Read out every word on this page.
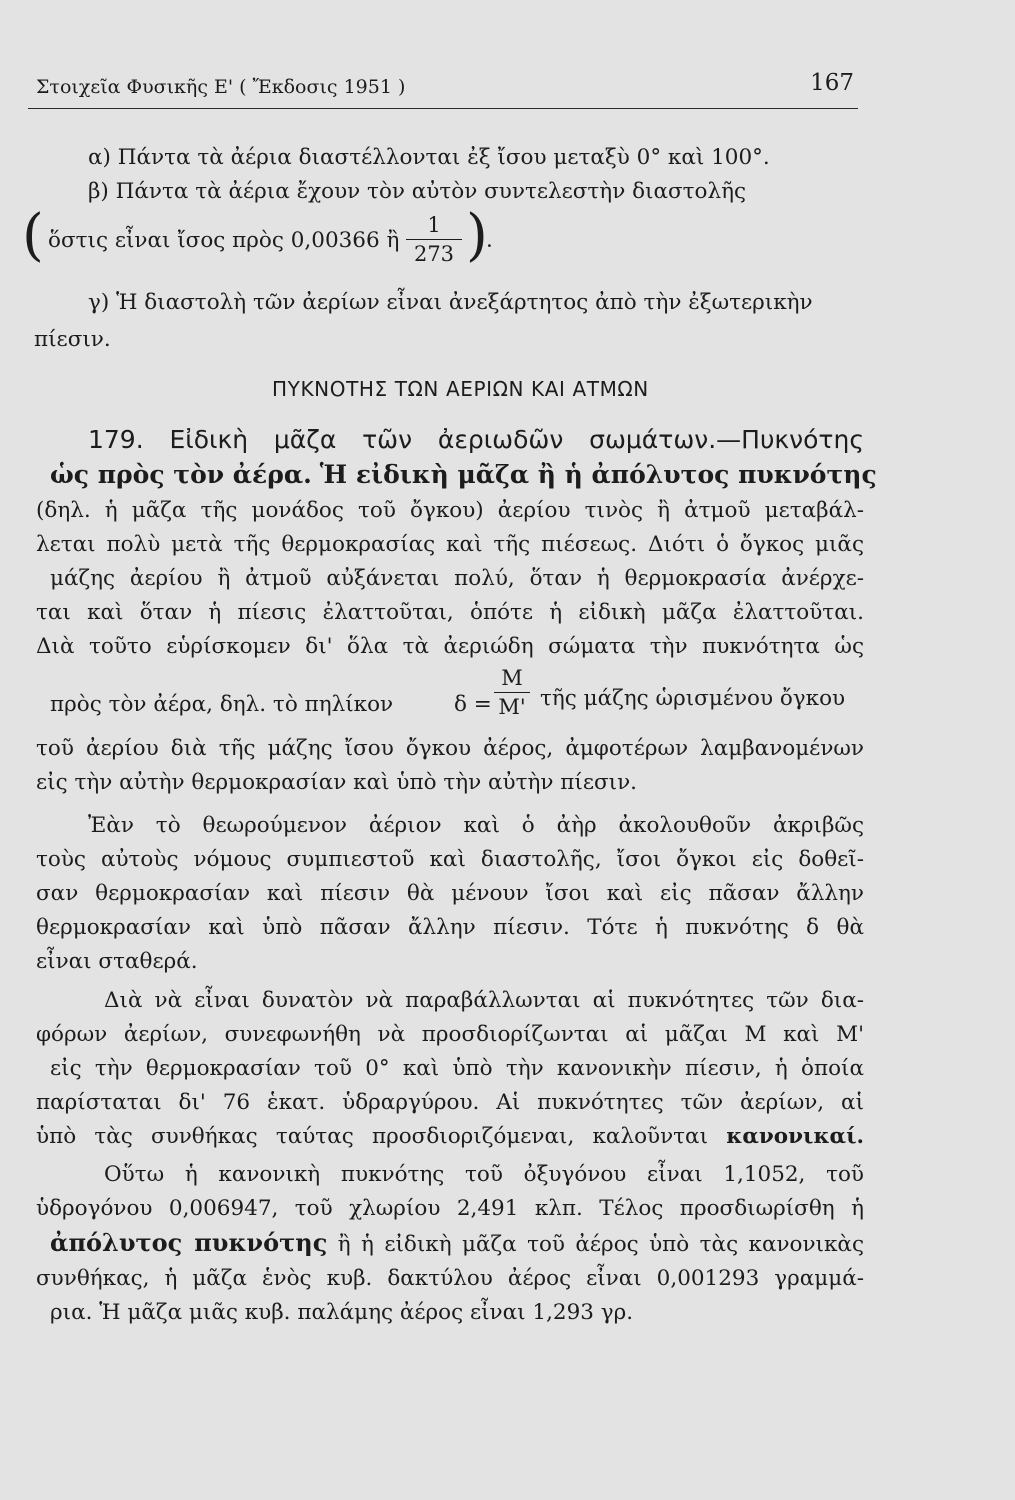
Στοιχεῖα Φυσικῆς Ε' ( Ἔκδοσις 1951 )	167
α) Πάντα τὰ ἀέρια διαστέλλονται ἐξ ἴσου μεταξὺ 0° καὶ 100°.
β) Πάντα τὰ ἀέρια ἔχουν τὸν αὐτὸν συντελεστὴν διαστολῆς
( ὅστις εἶναι ἴσος πρὸς 0,00366 ἢ
1
273 )
·
γ) Ἡ διαστολὴ τῶν ἀερίων εἶναι ἀνεξάρτητος ἀπὸ τὴν ἐξωτερικὴν
πίεσιν.
ΠΥΚΝΟΤΗΣ ΤΩΝ ΑΕΡΙΩΝ ΚΑΙ ΑΤΜΩΝ
179. Εἰδικὴ μᾶζα τῶν ἀεριωδῶν σωμάτων.—Πυκνότης
ὡς πρὸς τὸν ἀέρα. Ἡ εἰδικὴ μᾶζα ἢ ἡ ἀπόλυτος πυκνότης
(δηλ. ἡ μᾶζα τῆς μονάδος τοῦ ὄγκου) ἀερίου τινὸς ἢ ἀτμοῦ μεταβάλ-
λεται πολὺ μετὰ τῆς θερμοκρασίας καὶ τῆς πιέσεως. Διότι ὁ ὄγκος μιᾶς
μάζης ἀερίου ἢ ἀτμοῦ αὐξάνεται πολύ, ὅταν ἡ θερμοκρασία ἀνέρχε-
ται καὶ ὅταν ἡ πίεσις ἐλαττοῦται, ὁπότε ἡ εἰδικὴ μᾶζα ἐλαττοῦται.
Διὰ τοῦτο εὑρίσκομεν δι' ὅλα τὰ ἀεριώδη σώματα τὴν πυκνότητα ὡς
πρὸς τὸν ἀέρα, δηλ. τὸ πηλίκον	δ =
M
M' τῆς μάζης ὡρισμένου ὄγκου
τοῦ ἀερίου διὰ τῆς μάζης ἴσου ὄγκου ἀέρος, ἀμφοτέρων λαμβανομένων
εἰς τὴν αὐτὴν θερμοκρασίαν καὶ ὑπὸ τὴν αὐτὴν πίεσιν.
Ἐὰν τὸ θεωρούμενον ἀέριον καὶ ὁ ἀὴρ ἀκολουθοῦν ἀκριβῶς
τοὺς αὐτοὺς νόμους συμπιεστοῦ καὶ διαστολῆς, ἴσοι ὄγκοι εἰς δοθεῖ-
σαν θερμοκρασίαν καὶ πίεσιν θὰ μένουν ἴσοι καὶ εἰς πᾶσαν ἄλλην
θερμοκρασίαν καὶ ὑπὸ πᾶσαν ἄλλην πίεσιν. Τότε ἡ πυκνότης δ θὰ
εἶναι σταθερά.
Διὰ νὰ εἶναι δυνατὸν νὰ παραβάλλωνται αἱ πυκνότητες τῶν δια-
φόρων ἀερίων, συνεφωνήθη νὰ προσδιορίζωνται αἱ μᾶζαι M καὶ M'
εἰς τὴν θερμοκρασίαν τοῦ 0° καὶ ὑπὸ τὴν κανονικὴν πίεσιν, ἡ ὁποία
παρίσταται δι' 76 ἑκατ. ὑδραργύρου. Αἱ πυκνότητες τῶν ἀερίων, αἱ
ὑπὸ τὰς συνθήκας ταύτας προσδιοριζόμεναι, καλοῦνται κανονικαί.
Οὕτω ἡ κανονικὴ πυκνότης τοῦ ὀξυγόνου εἶναι 1,1052, τοῦ
ὑδρογόνου 0,006947, τοῦ χλωρίου 2,491 κλπ. Τέλος προσδιωρίσθη ἡ
ἀπόλυτος πυκνότης ἢ ἡ εἰδικὴ μᾶζα τοῦ ἀέρος ὑπὸ τὰς κανονικὰς
συνθήκας, ἡ μᾶζα ἑνὸς κυβ. δακτύλου ἀέρος εἶναι 0,001293 γραμμά-
ρια. Ἡ μᾶζα μιᾶς κυβ. παλάμης ἀέρος εἶναι 1,293 γρ.
